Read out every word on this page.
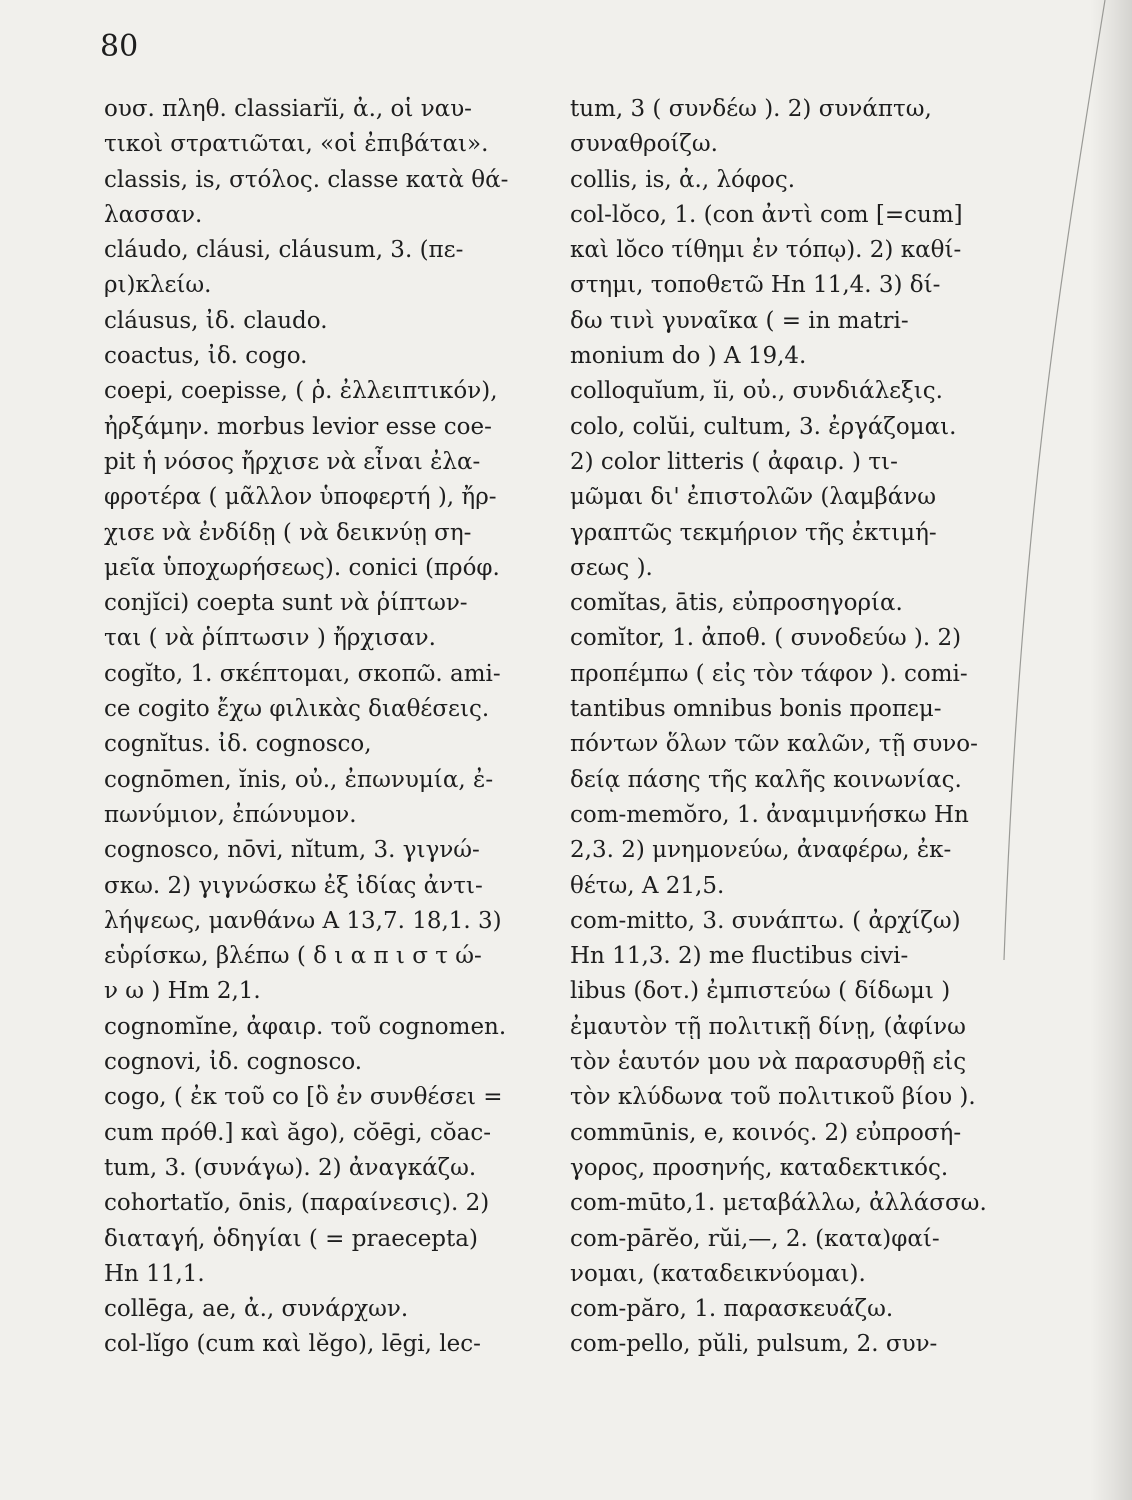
80
ουσ. πληθ. classiarĭi, ἀ., οἱ ναυ-
τικοὶ στρατιῶται, «οἱ ἐπιβάται».
classis, is, στόλος. classe κατὰ θά-
λασσαν.
cláudo, cláusi, cláusum, 3. (πε-
ρι)κλείω.
cláusus, ἰδ. claudo.
coactus, ἰδ. cogo.
coepi, coepisse, ( ῥ. ἐλλειπτικόν),
ἠρξάμην. morbus levior esse coe-
pit ἡ νόσος ἤρχισε νὰ εἶναι ἐλα-
φροτέρα ( μᾶλλον ὑποφερτή ), ἤρ-
χισε νὰ ἐνδίδῃ ( νὰ δεικνύῃ ση-
μεῖα ὑποχωρήσεως). conici (πρόφ.
conjĭci) coepta sunt νὰ ῥίπτων-
ται ( νὰ ῥίπτωσιν ) ἤρχισαν.
cogĭto, 1. σκέπτομαι, σκοπῶ. ami-
ce cogito ἔχω φιλικὰς διαθέσεις.
cognĭtus. ἰδ. cognosco,
cognōmen, ĭnis, οὐ., ἐπωνυμία, ἐ-
πωνύμιον, ἐπώνυμον.
cognosco, nōvi, nĭtum, 3. γιγνώ-
σκω. 2) γιγνώσκω ἐξ ἰδίας ἀντι-
λήψεως, μανθάνω A 13,7. 18,1. 3)
εὑρίσκω, βλέπω ( δ ι α π ι σ τ ώ-
ν ω ) Hm 2,1.
cognomĭne, ἀφαιρ. τοῦ cognomen.
cognovi, ἰδ. cognosco.
cogo, ( ἐκ τοῦ co [ὃ ἐν συνθέσει =
cum πρόθ.] καὶ ăgo), cŏēgi, cŏac-
tum, 3. (συνάγω). 2) ἀναγκάζω.
cohortatĭo, ōnis, (παραίνεσις). 2)
διαταγή, ὁδηγίαι ( = praecepta)
Hn 11,1.
collēga, ae, ἀ., συνάρχων.
col-lĭgo (cum καὶ lĕgo), lēgi, lec-
tum, 3 ( συνδέω ). 2) συνάπτω,
συναθροίζω.
collis, is, ἀ., λόφος.
col-lŏco, 1. (con ἀντὶ com [=cum]
καὶ lŏco τίθημι ἐν τόπῳ). 2) καθί-
στημι, τοποθετῶ Hn 11,4. 3) δί-
δω τινὶ γυναῖκα ( = in matri-
monium do ) A 19,4.
colloquĭum, ĭi, οὐ., συνδιάλεξις.
colo, colŭi, cultum, 3. ἐργάζομαι.
2) color litteris ( ἀφαιρ. ) τι-
μῶμαι δι' ἐπιστολῶν (λαμβάνω
γραπτῶς τεκμήριον τῆς ἐκτιμή-
σεως ).
comĭtas, ātis, εὐπροσηγορία.
comĭtor, 1. ἀποθ. ( συνοδεύω ). 2)
προπέμπω ( εἰς τὸν τάφον ). comi-
tantibus omnibus bonis προπεμ-
πόντων ὅλων τῶν καλῶν, τῇ συνο-
δείᾳ πάσης τῆς καλῆς κοινωνίας.
com-memŏro, 1. ἀναμιμνήσκω Hn
2,3. 2) μνημονεύω, ἀναφέρω, ἐκ-
θέτω, A 21,5.
com-mitto, 3. συνάπτω. ( ἀρχίζω)
Hn 11,3. 2) me fluctibus civi-
libus (δοτ.) ἐμπιστεύω ( δίδωμι )
ἐμαυτὸν τῇ πολιτικῇ δίνῃ, (ἀφίνω
τὸν ἑαυτόν μου νὰ παρασυρθῇ εἰς
τὸν κλύδωνα τοῦ πολιτικοῦ βίου ).
commūnis, e, κοινός. 2) εὐπροσή-
γορος, προσηνής, καταδεκτικός.
com-mūto,1. μεταβάλλω, ἀλλάσσω.
com-pārĕo, rŭi,—, 2. (κατα)φαί-
νομαι, (καταδεικνύομαι).
com-păro, 1. παρασκευάζω.
com-pello, pŭli, pulsum, 2. συν-
